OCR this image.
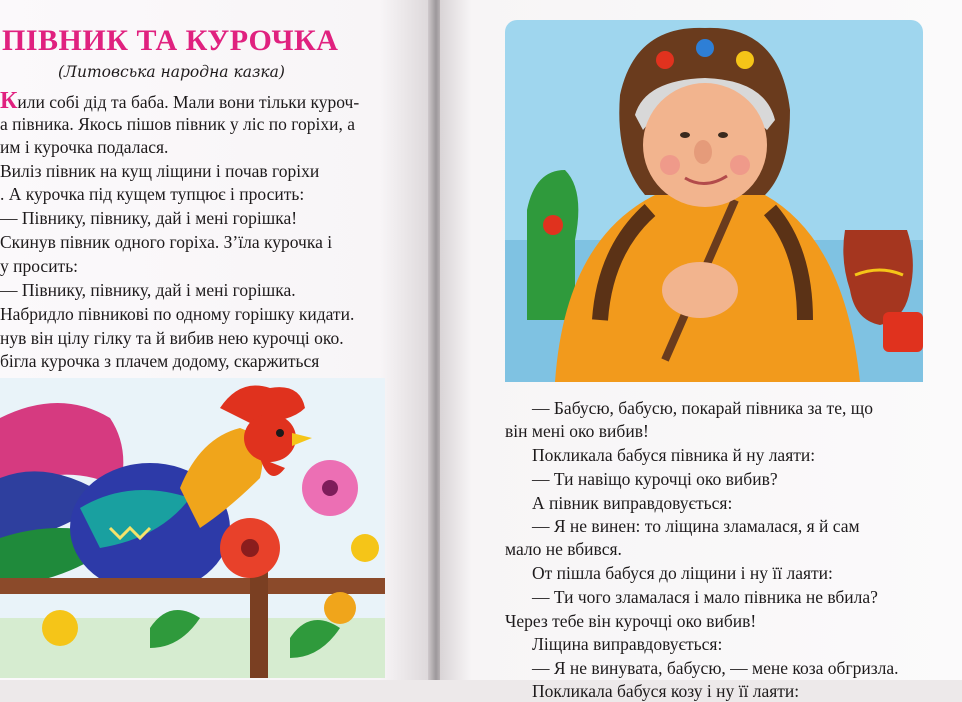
ПІВНИК ТА КУРОЧКА
(Литовська народна казка)
Кили собі дід та баба. Мали вони тільки куроч-
а півника. Якось пішов півник у ліс по горіхи, а
им і курочка подалася.
Виліз півник на кущ ліщини і почав горіхи
. А курочка під кущем тупцює і просить:
— Півнику, півнику, дай і мені горішка!
Скинув півник одного горіха. З’їла курочка і
у просить:
— Півнику, півнику, дай і мені горішка.
Набридло півникові по одному горішку кидати.
нув він цілу гілку та й вибив нею курочці око.
бігла курочка з плачем додому, скаржиться
— Бабусю, бабусю, покарай півника за те, що
він мені око вибив!
Покликала бабуся півника й ну лаяти:
— Ти навіщо курочці око вибив?
А півник виправдовується:
— Я не винен: то ліщина зламалася, я й сам
мало не вбився.
От пішла бабуся до ліщини і ну її лаяти:
— Ти чого зламалася і мало півника не вбила?
Через тебе він курочці око вибив!
Ліщина виправдовується:
— Я не винувата, бабусю, — мене коза обгризла.
Покликала бабуся козу і ну її лаяти:
